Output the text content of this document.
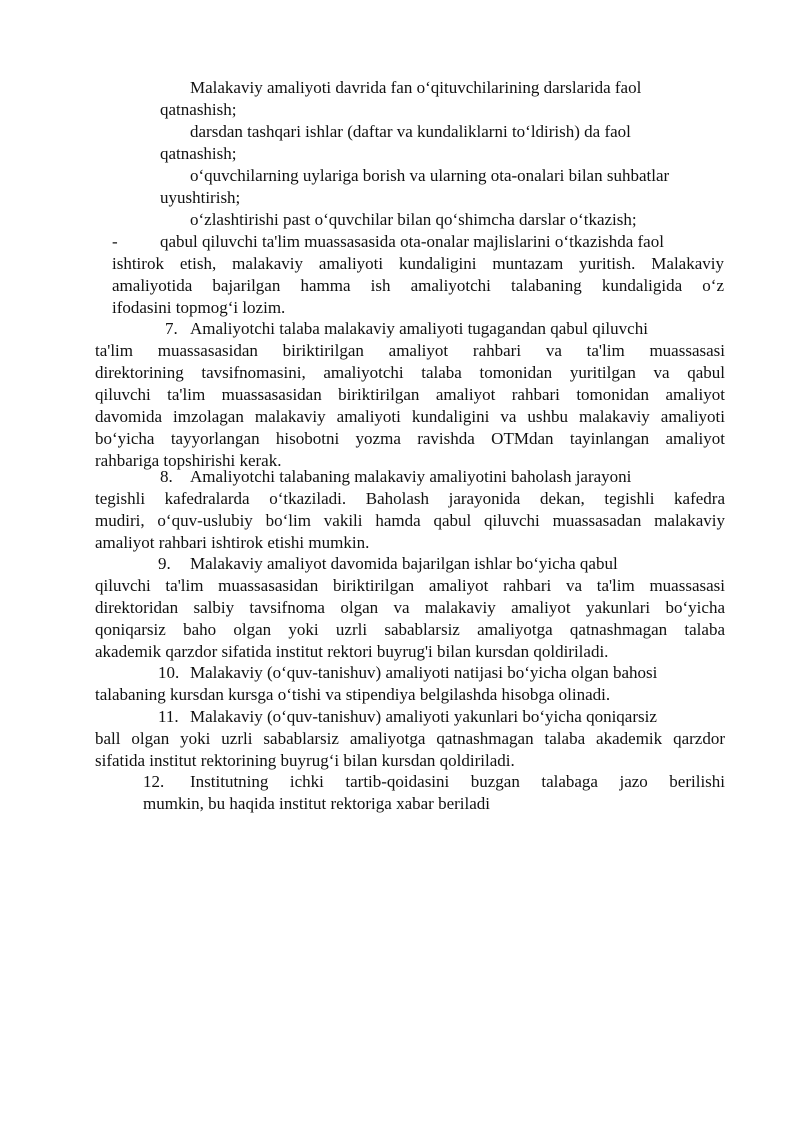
Malakaviy amaliyoti davrida fan o‘qituvchilarining darslarida faol
qatnashish;
darsdan tashqari ishlar (daftar va kundaliklarni to‘ldirish) da faol
qatnashish;
o‘quvchilarning uylariga borish va ularning ota-onalari bilan suhbatlar
uyushtirish;
o‘zlashtirishi past o‘quvchilar bilan qo‘shimcha darslar o‘tkazish;
- qabul qiluvchi ta'lim muassasasida ota-onalar majlislarini o‘tkazishda faol
ishtirok etish, malakaviy amaliyoti kundaligini muntazam yuritish. Malakaviy
amaliyotida bajarilgan hamma ish amaliyotchi talabaning kundaligida o‘z
ifodasini topmog‘i lozim.
7. Amaliyotchi talaba malakaviy amaliyoti tugagandan qabul qiluvchi
ta'lim muassasasidan biriktirilgan amaliyot rahbari va ta'lim muassasasi
direktorining tavsifnomasini, amaliyotchi talaba tomonidan yuritilgan va qabul
qiluvchi ta'lim muassasasidan biriktirilgan amaliyot rahbari tomonidan amaliyot
davomida imzolagan malakaviy amaliyoti kundaligini va ushbu malakaviy amaliyoti
bo‘yicha tayyorlangan hisobotni yozma ravishda OTMdan tayinlangan amaliyot
rahbariga topshirishi kerak.
8. Amaliyotchi talabaning malakaviy amaliyotini baholash jarayoni
tegishli kafedralarda o‘tkaziladi. Baholash jarayonida dekan, tegishli kafedra
mudiri, o‘quv-uslubiy bo‘lim vakili hamda qabul qiluvchi muassasadan malakaviy
amaliyot rahbari ishtirok etishi mumkin.
9. Malakaviy amaliyot davomida bajarilgan ishlar bo‘yicha qabul
qiluvchi ta'lim muassasasidan biriktirilgan amaliyot rahbari va ta'lim muassasasi
direktoridan salbiy tavsifnoma olgan va malakaviy amaliyot yakunlari bo‘yicha
qoniqarsiz baho olgan yoki uzrli sabablarsiz amaliyotga qatnashmagan talaba
akademik qarzdor sifatida institut rektori buyrug'i bilan kursdan qoldiriladi.
10. Malakaviy (o‘quv-tanishuv) amaliyoti natijasi bo‘yicha olgan bahosi
talabaning kursdan kursga o‘tishi va stipendiya belgilashda hisobga olinadi.
11. Malakaviy (o‘quv-tanishuv) amaliyoti yakunlari bo‘yicha qoniqarsiz
ball olgan yoki uzrli sabablarsiz amaliyotga qatnashmagan talaba akademik qarzdor
sifatida institut rektorining buyrug‘i bilan kursdan qoldiriladi.
12. Institutning ichki tartib-qoidasini buzgan talabaga jazo berilishi
mumkin, bu haqida institut rektoriga xabar beriladi
